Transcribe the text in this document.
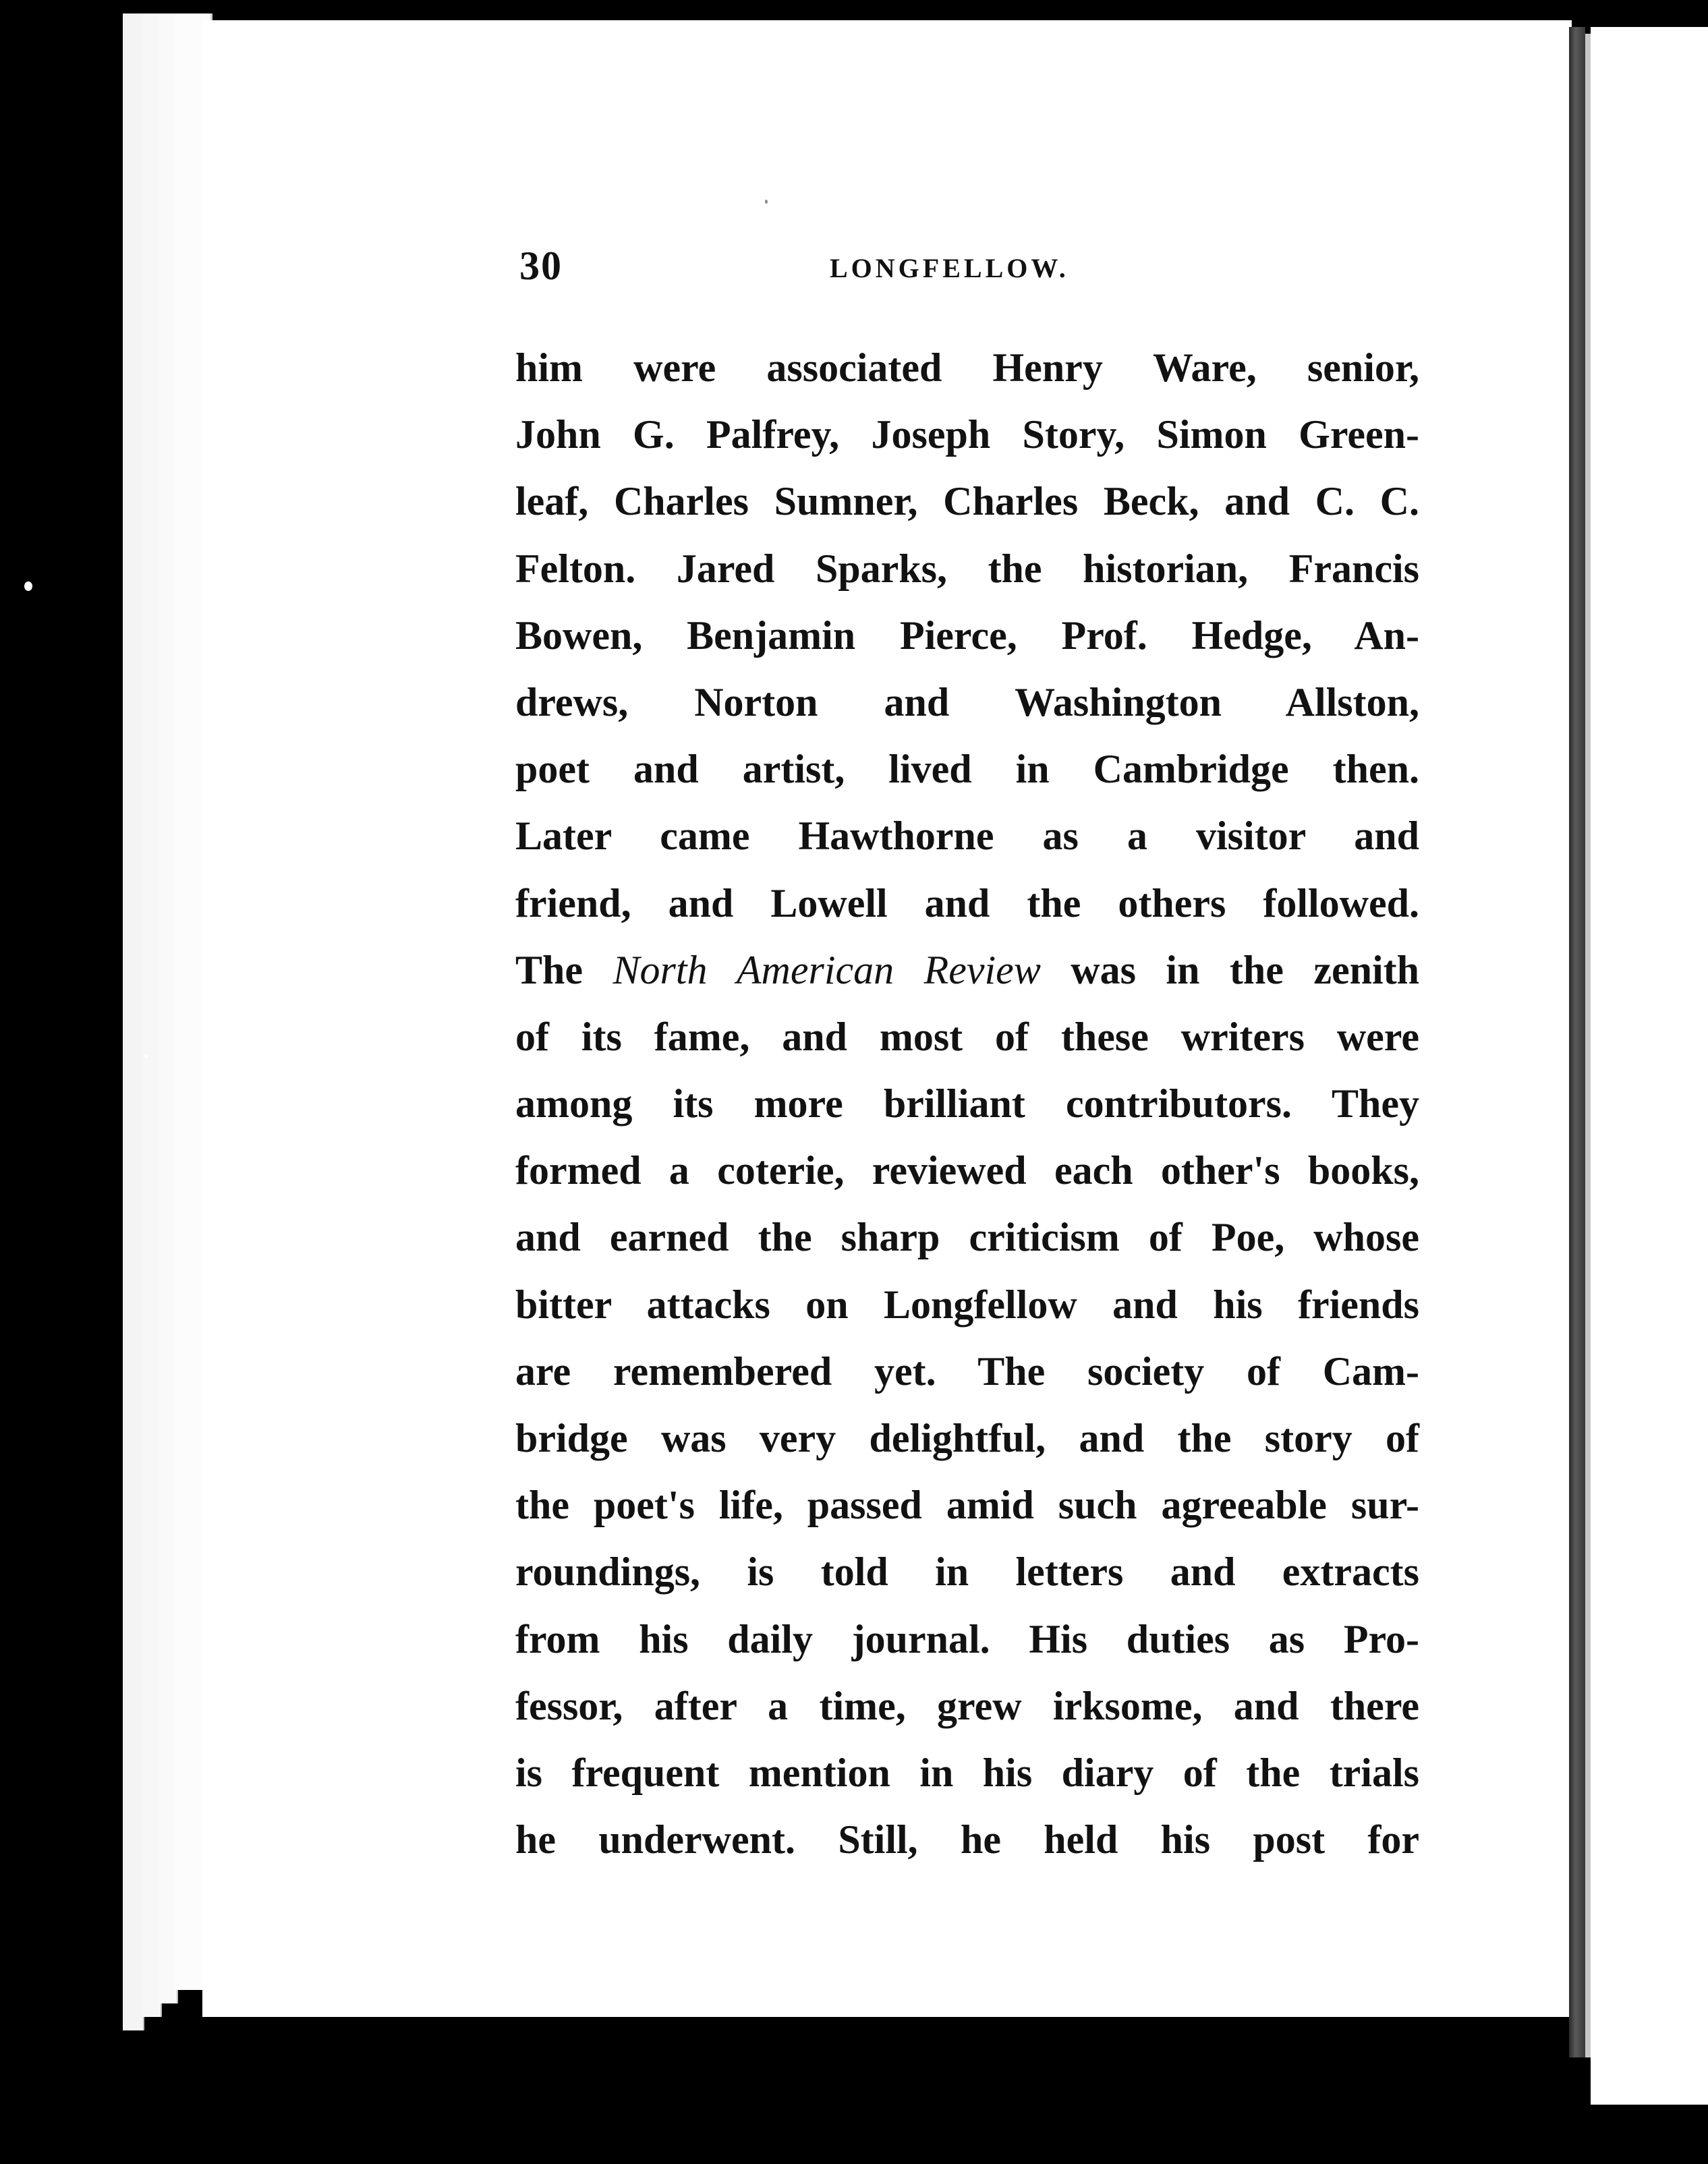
30	LONGFELLOW.
him were associated Henry Ware, senior,
John G. Palfrey, Joseph Story, Simon Green-
leaf, Charles Sumner, Charles Beck, and C. C.
Felton. Jared Sparks, the historian, Francis
Bowen, Benjamin Pierce, Prof. Hedge, An-
drews, Norton and Washington Allston,
poet and artist, lived in Cambridge then.
Later came Hawthorne as a visitor and
friend, and Lowell and the others followed.
The North American Review was in the zenith
of its fame, and most of these writers were
among its more brilliant contributors. They
formed a coterie, reviewed each other's books,
and earned the sharp criticism of Poe, whose
bitter attacks on Longfellow and his friends
are remembered yet. The society of Cam-
bridge was very delightful, and the story of
the poet's life, passed amid such agreeable sur-
roundings, is told in letters and extracts
from his daily journal. His duties as Pro-
fessor, after a time, grew irksome, and there
is frequent mention in his diary of the trials
he underwent. Still, he held his post for
